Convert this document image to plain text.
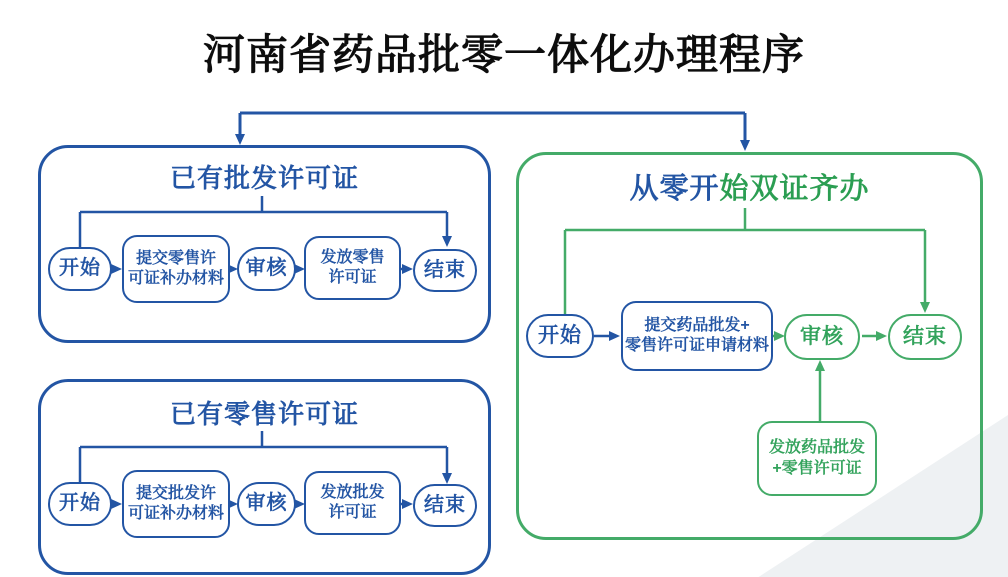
河南省药品批零一体化办理程序
已有批发许可证
开始 提交零售许
可证补办材料 审核
发放零售
许可证 结束
已有零售许可证
开始 提交批发许
可证补办材料 审核
发放批发
许可证 结束
从零开始双证齐办
开始	提交药品批发+
零售许可证申请材料 审核	结束
发放药品批发
+零售许可证
